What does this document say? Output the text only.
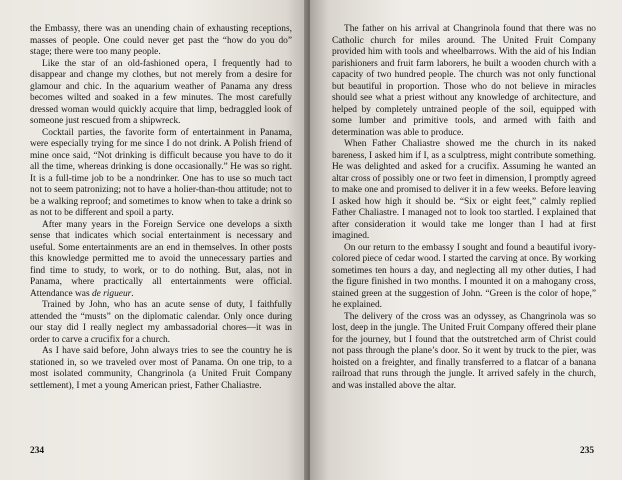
the Embassy, there was an unending chain of exhausting receptions, masses of people. One could never get past the “how do you do” stage; there were too many people.

Like the star of an old-fashioned opera, I frequently had to disappear and change my clothes, but not merely from a desire for glamour and chic. In the aquarium weather of Panama any dress becomes wilted and soaked in a few minutes. The most carefully dressed woman would quickly acquire that limp, bedraggled look of someone just rescued from a shipwreck.

Cocktail parties, the favorite form of entertainment in Panama, were especially trying for me since I do not drink. A Polish friend of mine once said, “Not drinking is difficult because you have to do it all the time, whereas drinking is done occasionally.” He was so right. It is a full-time job to be a nondrinker. One has to use so much tact not to seem patronizing; not to have a holier-than-thou attitude; not to be a walking reproof; and sometimes to know when to take a drink so as not to be different and spoil a party.

After many years in the Foreign Service one develops a sixth sense that indicates which social entertainment is necessary and useful. Some entertainments are an end in themselves. In other posts this knowledge permitted me to avoid the unnecessary parties and find time to study, to work, or to do nothing. But, alas, not in Panama, where practically all entertainments were official. Attendance was de rigueur.

Trained by John, who has an acute sense of duty, I faithfully attended the “musts” on the diplomatic calendar. Only once during our stay did I really neglect my ambassadorial chores—it was in order to carve a crucifix for a church.

As I have said before, John always tries to see the country he is stationed in, so we traveled over most of Panama. On one trip, to a most isolated community, Changrinola (a United Fruit Company settlement), I met a young American priest, Father Chaliastre.

234

The father on his arrival at Changrinola found that there was no Catholic church for miles around. The United Fruit Company provided him with tools and wheelbarrows. With the aid of his Indian parishioners and fruit farm laborers, he built a wooden church with a capacity of two hundred people. The church was not only functional but beautiful in proportion. Those who do not believe in miracles should see what a priest without any knowledge of architecture, and helped by completely untrained people of the soil, equipped with some lumber and primitive tools, and armed with faith and determination was able to produce.

When Father Chaliastre showed me the church in its naked bareness, I asked him if I, as a sculptress, might contribute something. He was delighted and asked for a crucifix. Assuming he wanted an altar cross of possibly one or two feet in dimension, I promptly agreed to make one and promised to deliver it in a few weeks. Before leaving I asked how high it should be. “Six or eight feet,” calmly replied Father Chaliastre. I managed not to look too startled. I explained that after consideration it would take me longer than I had at first imagined.

On our return to the embassy I sought and found a beautiful ivory-colored piece of cedar wood. I started the carving at once. By working sometimes ten hours a day, and neglecting all my other duties, I had the figure finished in two months. I mounted it on a mahogany cross, stained green at the suggestion of John. “Green is the color of hope,” he explained.

The delivery of the cross was an odyssey, as Changrinola was so lost, deep in the jungle. The United Fruit Company offered their plane for the journey, but I found that the outstretched arm of Christ could not pass through the plane’s door. So it went by truck to the pier, was hoisted on a freighter, and finally transferred to a flatcar of a banana railroad that runs through the jungle. It arrived safely in the church, and was installed above the altar.

235
